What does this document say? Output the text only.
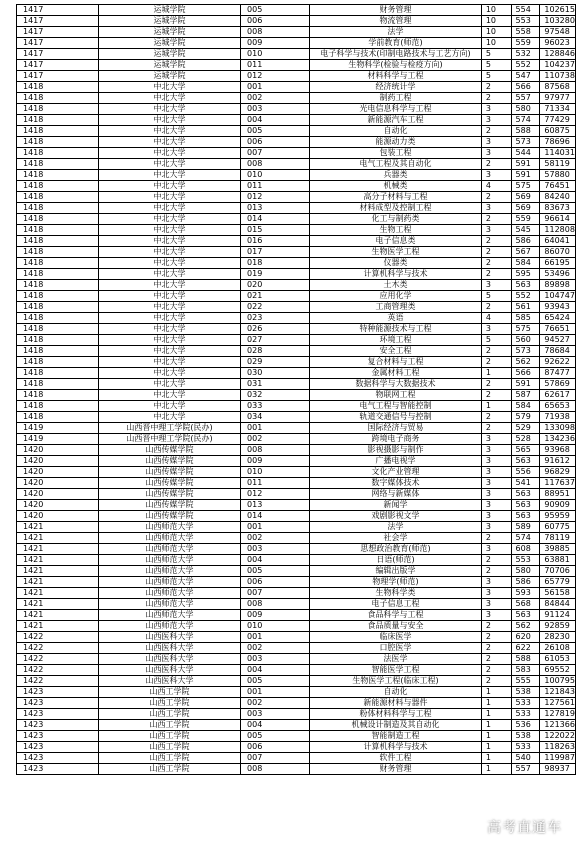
1417	运城学院	005	财务管理	10	554	102615
1417	运城学院	006	物流管理	10	553	103280
1417	运城学院	008	法学	10	558	97548
1417	运城学院	009	学前教育(师范)	10	559	96023
1417	运城学院	010	电子科学与技术(印制电路技术与工艺方向)	5	532	128846
1417	运城学院	011	生物科学(检验与检疫方向)	5	552	104237
1417	运城学院	012	材料科学与工程	5	547	110738
1418	中北大学	001	经济统计学	2	566	87568
1418	中北大学	002	制药工程	2	557	97977
1418	中北大学	003	光电信息科学与工程	3	580	71334
1418	中北大学	004	新能源汽车工程	3	574	77429
1418	中北大学	005	自动化	2	588	60875
1418	中北大学	006	能源动力类	3	573	78696
1418	中北大学	007	包装工程	3	544	114031
1418	中北大学	008	电气工程及其自动化	2	591	58119
1418	中北大学	010	兵器类	3	591	57880
1418	中北大学	011	机械类	4	575	76451
1418	中北大学	012	高分子材料与工程	2	569	84240
1418	中北大学	013	材料成型及控制工程	3	569	83673
1418	中北大学	014	化工与制药类	2	559	96614
1418	中北大学	015	生物工程	3	545	112808
1418	中北大学	016	电子信息类	2	586	64041
1418	中北大学	017	生物医学工程	2	567	86070
1418	中北大学	018	仪器类	2	584	66195
1418	中北大学	019	计算机科学与技术	2	595	53496
1418	中北大学	020	土木类	3	563	89898
1418	中北大学	021	应用化学	5	552	104747
1418	中北大学	022	工商管理类	2	561	93943
1418	中北大学	023	英语	4	585	65424
1418	中北大学	026	特种能源技术与工程	3	575	76651
1418	中北大学	027	环境工程	5	560	94527
1418	中北大学	028	安全工程	2	573	78684
1418	中北大学	029	复合材料与工程	2	562	92622
1418	中北大学	030	金属材料工程	1	566	87477
1418	中北大学	031	数据科学与大数据技术	2	591	57869
1418	中北大学	032	物联网工程	2	587	62617
1418	中北大学	033	电气工程与智能控制	1	584	65653
1418	中北大学	034	轨道交通信号与控制	2	579	71938
1419	山西晋中理工学院(民办)	001	国际经济与贸易	2	529	133098
1419	山西晋中理工学院(民办)	002	跨境电子商务	3	528	134236
1420	山西传媒学院	008	影视摄影与制作	3	565	93968
1420	山西传媒学院	009	广播电视学	3	563	91612
1420	山西传媒学院	010	文化产业管理	3	556	96829
1420	山西传媒学院	011	数字媒体技术	3	541	117637
1420	山西传媒学院	012	网络与新媒体	3	563	88951
1420	山西传媒学院	013	新闻学	3	563	90909
1420	山西传媒学院	014	戏剧影视文学	3	563	95959
1421	山西师范大学	001	法学	3	589	60775
1421	山西师范大学	002	社会学	2	574	78119
1421	山西师范大学	003	思想政治教育(师范)	3	608	39885
1421	山西师范大学	004	日语(师范)	2	553	63881
1421	山西师范大学	005	编辑出版学	2	580	70706
1421	山西师范大学	006	物理学(师范)	3	586	65779
1421	山西师范大学	007	生物科学类	3	593	56158
1421	山西师范大学	008	电子信息工程	3	568	84844
1421	山西师范大学	009	食品科学与工程	3	563	91124
1421	山西师范大学	010	食品质量与安全	2	562	92859
1422	山西医科大学	001	临床医学	2	620	28230
1422	山西医科大学	002	口腔医学	2	622	26108
1422	山西医科大学	003	法医学	2	588	61053
1422	山西医科大学	004	智能医学工程	2	583	69552
1422	山西医科大学	005	生物医学工程(临床工程)	2	555	100795
1423	山西工学院	001	自动化	1	538	121843
1423	山西工学院	002	新能源材料与器件	1	533	127561
1423	山西工学院	003	粉体材料科学与工程	1	533	127819
1423	山西工学院	004	机械设计制造及其自动化	1	536	121366
1423	山西工学院	005	智能制造工程	1	538	122022
1423	山西工学院	006	计算机科学与技术	1	533	118263
1423	山西工学院	007	软件工程	1	540	119987
1423	山西工学院	008	财务管理	1	557	98937
高考直通车
